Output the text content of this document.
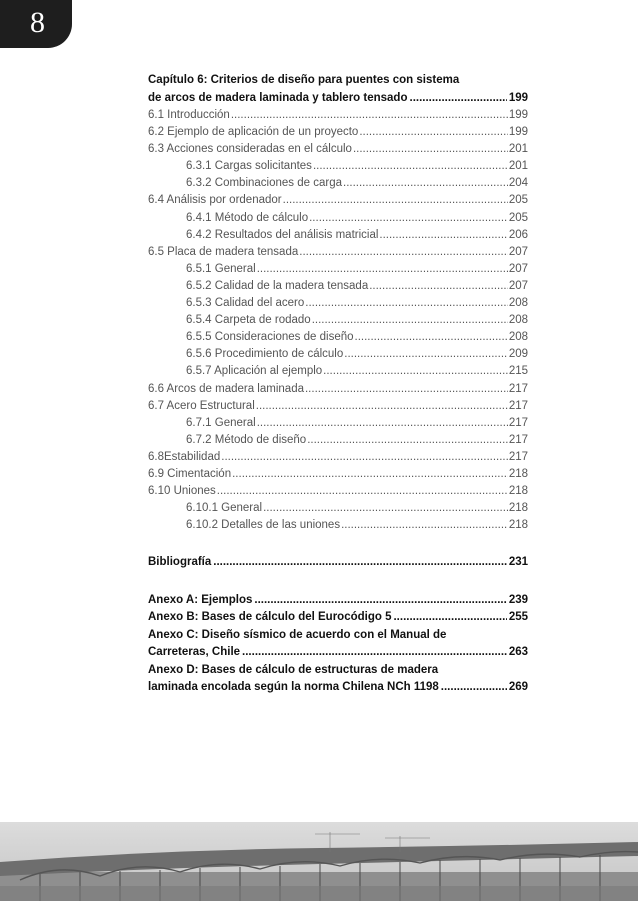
8
Capítulo 6: Criterios de diseño para puentes con sistema
de arcos de madera laminada y tablero tensado .....	199
6.1 Introducción .....	199
6.2 Ejemplo de aplicación de un proyecto .....	199
6.3 Acciones consideradas en el cálculo .....	201
6.3.1 Cargas solicitantes .....	201
6.3.2 Combinaciones de carga .....	204
6.4 Análisis por ordenador .....	205
6.4.1 Método de cálculo .....	205
6.4.2 Resultados del análisis matricial .....	206
6.5 Placa de madera tensada .....	207
6.5.1 General .....	207
6.5.2 Calidad de la madera tensada .....	207
6.5.3 Calidad del acero .....	208
6.5.4 Carpeta de rodado .....	208
6.5.5 Consideraciones de diseño .....	208
6.5.6 Procedimiento de cálculo .....	209
6.5.7 Aplicación al ejemplo .....	215
6.6 Arcos de madera laminada .....	217
6.7 Acero Estructural .....	217
6.7.1 General .....	217
6.7.2 Método de diseño .....	217
6.8Estabilidad .....	217
6.9 Cimentación .....	218
6.10 Uniones .....	218
6.10.1 General .....	218
6.10.2 Detalles de las uniones .....	218
Bibliografía .....	231
Anexo A: Ejemplos .....	239
Anexo B: Bases de cálculo del Eurocódigo 5 .....	255
Anexo C: Diseño sísmico de acuerdo con el Manual de
Carreteras, Chile .....	263
Anexo D: Bases de cálculo de estructuras de madera
laminada encolada según la norma Chilena NCh 1198 .....	269
